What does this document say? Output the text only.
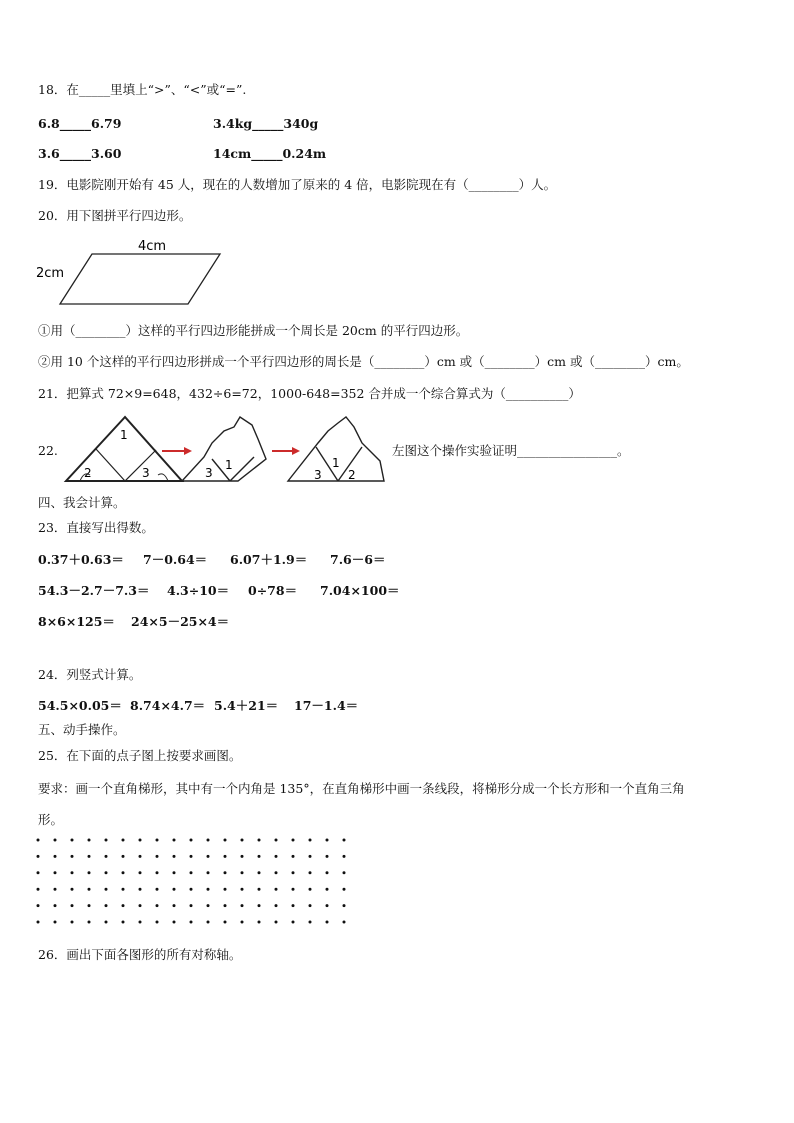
18．在_____里填上“>”、“<”或“=”.
6.8_____6.79	3.4kg_____340g
3.6_____3.60	14cm_____0.24m
19．电影院刚开始有 45 人，现在的人数增加了原来的 4 倍，电影院现在有（________）人。
20．用下图拼平行四边形。
4cm
2cm
①用（________）这样的平行四边形能拼成一个周长是 20cm 的平行四边形。
②用 10 个这样的平行四边形拼成一个平行四边形的周长是（________）cm 或（________）cm 或（________）cm。
21．把算式 72×9=648，432÷6=72，1000-648=352 合并成一个综合算式为（__________）
22.
1
2	3	3
1
3
1
2
左图这个操作实验证明________________。
四、我会计算。
23．直接写出得数。
0.37＋0.63＝ 7－0.64＝ 6.07＋1.9＝ 7.6－6＝
54.3－2.7－7.3＝ 4.3÷10＝ 0÷78＝ 7.04×100＝
8×6×125＝ 24×5－25×4＝
24．列竖式计算。
54.5×0.05＝ 8.74×4.7＝ 5.4＋21＝ 17－1.4＝
五、动手操作。
25．在下面的点子图上按要求画图。
要求：画一个直角梯形，其中有一个内角是 135°，在直角梯形中画一条线段，将梯形分成一个长方形和一个直角三角
形。
26．画出下面各图形的所有对称轴。
